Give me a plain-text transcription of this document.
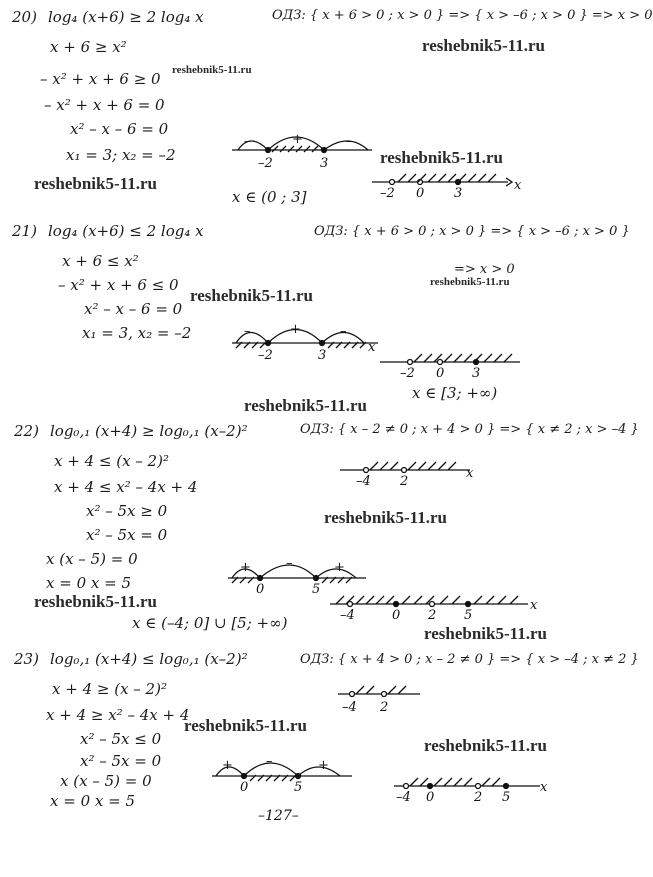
20) log₄ (x+6) ≥ 2 log₄ x
x + 6 ≥ x²
– x² + x + 6 ≥ 0
– x² + x + 6 = 0
x² – x – 6 = 0
x₁ = 3; x₂ = –2
ОДЗ: { x + 6 > 0 ; x > 0 } => { x > –6 ; x > 0 } => x > 0
x ∈ (0 ; 3]
–	+	–
–2	3
–2 0 3
x
21) log₄ (x+6) ≤ 2 log₄ x
x + 6 ≤ x²
– x² + x + 6 ≤ 0
x² – x – 6 = 0
x₁ = 3, x₂ = –2
ОДЗ: { x + 6 > 0 ; x > 0 } => { x > –6 ; x > 0 }
=> x > 0
x ∈ [3; +∞)
–	+	–
–2	3
x
–2 0 3
22) log₀,₁ (x+4) ≥ log₀,₁ (x–2)²
x + 4 ≤ (x – 2)²
x + 4 ≤ x² – 4x + 4
x² – 5x ≥ 0
x² – 5x = 0
x (x – 5) = 0
x = 0 x = 5
ОДЗ: { x – 2 ≠ 0 ; x + 4 > 0 } => { x ≠ 2 ; x > –4 }
x ∈ (–4; 0] ∪ [5; +∞)
–4 2
x
+	–	+
0	5
–4	0 2 5
x
23) log₀,₁ (x+4) ≤ log₀,₁ (x–2)²
x + 4 ≥ (x – 2)²
x + 4 ≥ x² – 4x + 4
x² – 5x ≤ 0
x² – 5x = 0
x (x – 5) = 0
x = 0 x = 5
ОДЗ: { x + 4 > 0 ; x – 2 ≠ 0 } => { x > –4 ; x ≠ 2 }
–4 2
+	–	+
0	5
–4 0	2 5
x
–127–
reshebnik5-11.ru
reshebnik5-11.ru
reshebnik5-11.ru
reshebnik5-11.ru
reshebnik5-11.ru
reshebnik5-11.ru
reshebnik5-11.ru
reshebnik5-11.ru
reshebnik5-11.ru
reshebnik5-11.ru
reshebnik5-11.ru
reshebnik5-11.ru
